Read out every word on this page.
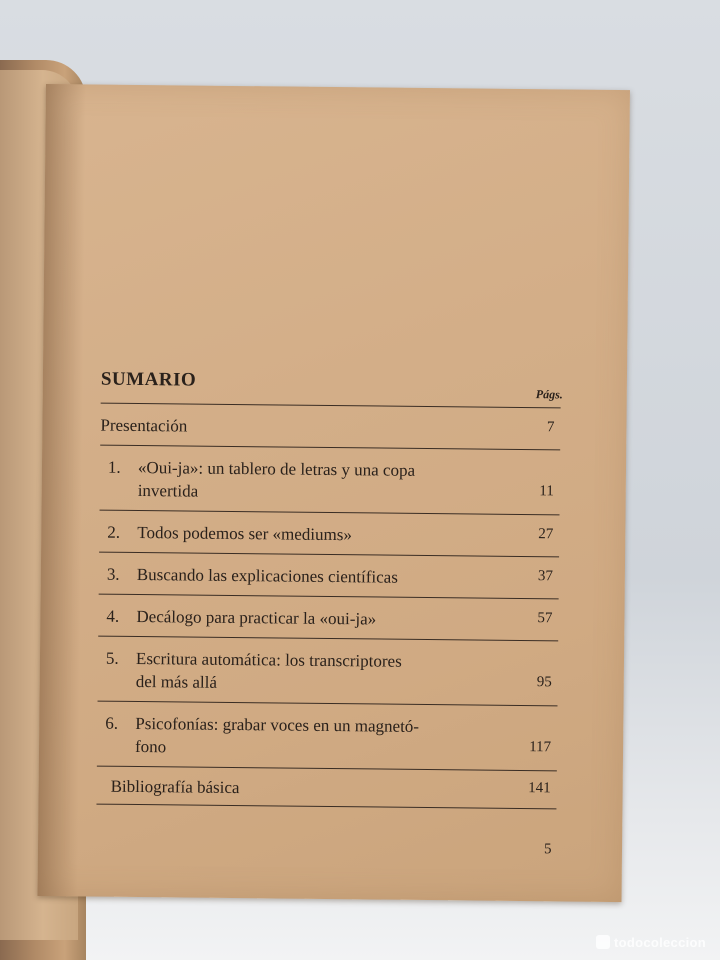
SUMARIO
Págs.
Presentación	7
1.	«Oui-ja»: un tablero de letras y una copa
invertida	11
2.	Todos podemos ser «mediums»	27
3.	Buscando las explicaciones científicas	37
4.	Decálogo para practicar la «oui-ja»	57
5.	Escritura automática: los transcriptores
del más allá	95
6.	Psicofonías: grabar voces en un magnetó-
fono	117
Bibliografía básica	141
5
todocoleccion
